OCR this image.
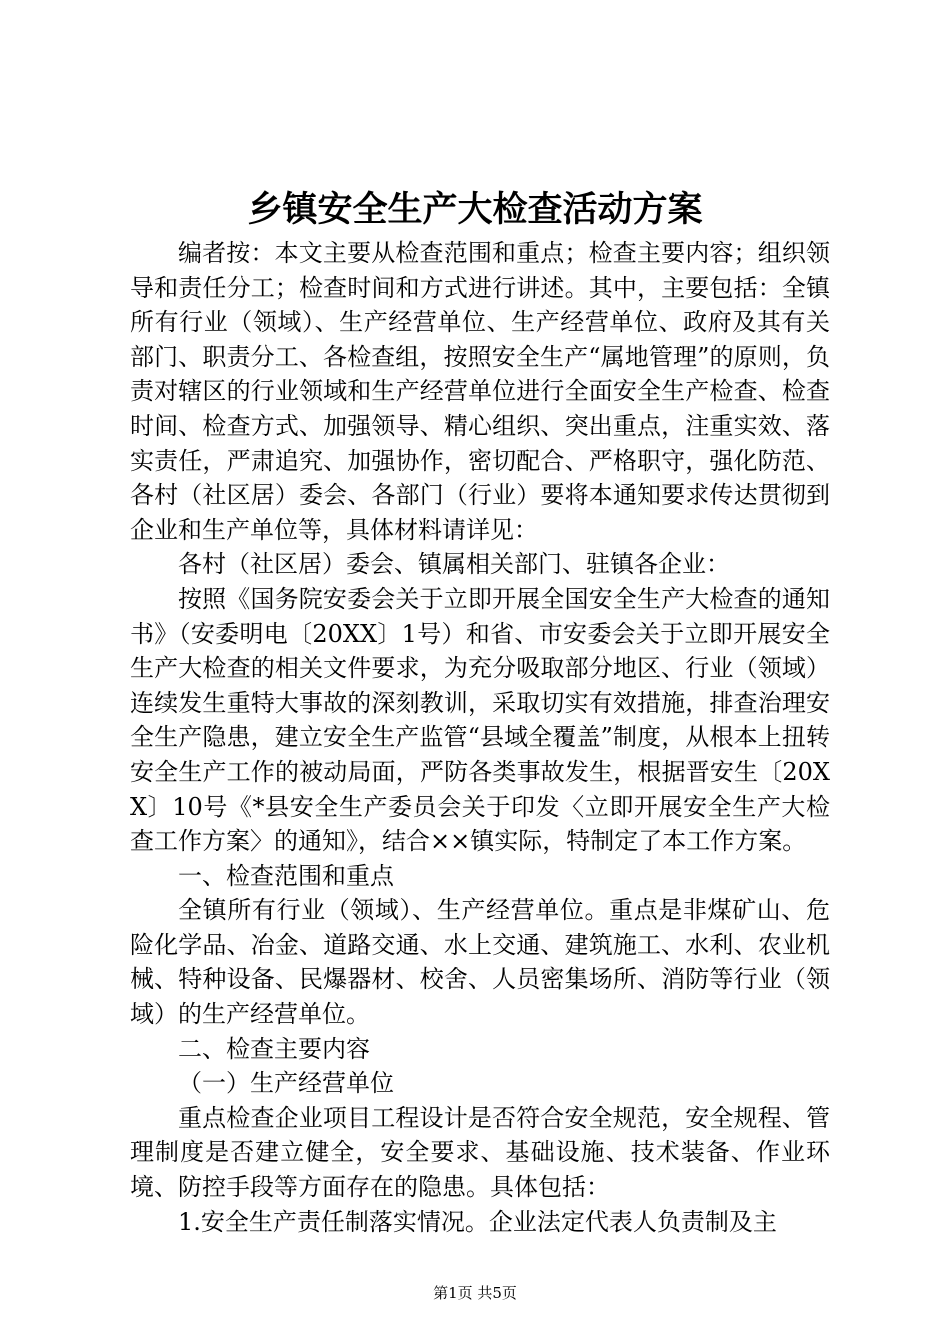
乡镇安全生产大检查活动方案

编者按：本文主要从检查范围和重点；检查主要内容；组织领导和责任分工；检查时间和方式进行讲述。其中，主要包括：全镇所有行业（领域）、生产经营单位、生产经营单位、政府及其有关部门、职责分工、各检查组，按照安全生产“属地管理”的原则，负责对辖区的行业领域和生产经营单位进行全面安全生产检查、检查时间、检查方式、加强领导、精心组织、突出重点，注重实效、落实责任，严肃追究、加强协作，密切配合、严格职守，强化防范、各村（社区居）委会、各部门（行业）要将本通知要求传达贯彻到企业和生产单位等，具体材料请详见：

各村（社区居）委会、镇属相关部门、驻镇各企业：

按照《国务院安委会关于立即开展全国安全生产大检查的通知书》（安委明电〔20XX〕1号）和省、市安委会关于立即开展安全生产大检查的相关文件要求，为充分吸取部分地区、行业（领域）连续发生重特大事故的深刻教训，采取切实有效措施，排查治理安全生产隐患，建立安全生产监管“县域全覆盖”制度，从根本上扭转安全生产工作的被动局面，严防各类事故发生，根据晋安生〔20XX〕10号《*县安全生产委员会关于印发〈立即开展安全生产大检查工作方案〉的通知》，结合××镇实际，特制定了本工作方案。

一、检查范围和重点

全镇所有行业（领域）、生产经营单位。重点是非煤矿山、危险化学品、冶金、道路交通、水上交通、建筑施工、水利、农业机械、特种设备、民爆器材、校舍、人员密集场所、消防等行业（领域）的生产经营单位。

二、检查主要内容

（一）生产经营单位

重点检查企业项目工程设计是否符合安全规范，安全规程、管理制度是否建立健全，安全要求、基础设施、技术装备、作业环境、防控手段等方面存在的隐患。具体包括：

1.安全生产责任制落实情况。企业法定代表人负责制及主

第1页 共5页
